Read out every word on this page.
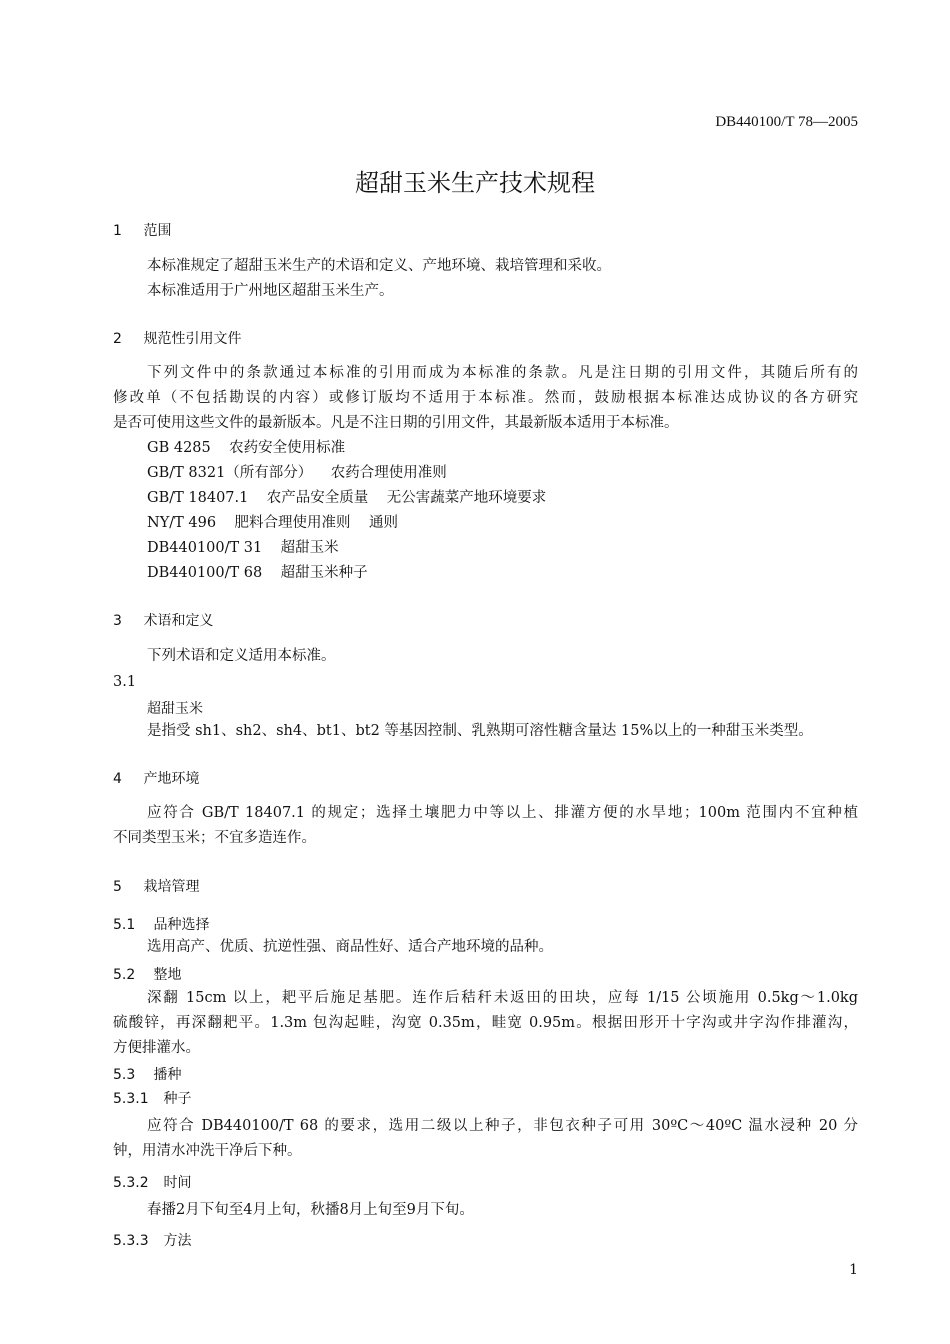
DB440100/T 78—2005
超甜玉米生产技术规程
1 范围
本标准规定了超甜玉米生产的术语和定义、产地环境、栽培管理和采收。
本标准适用于广州地区超甜玉米生产。
2 规范性引用文件
下列文件中的条款通过本标准的引用而成为本标准的条款。凡是注日期的引用文件，其随后所有的
修改单（不包括勘误的内容）或修订版均不适用于本标准。然而，鼓励根据本标准达成协议的各方研究
是否可使用这些文件的最新版本。凡是不注日期的引用文件，其最新版本适用于本标准。
GB 4285    农药安全使用标准
GB/T 8321（所有部分）    农药合理使用准则
GB/T 18407.1    农产品安全质量    无公害蔬菜产地环境要求
NY/T 496    肥料合理使用准则    通则
DB440100/T 31    超甜玉米
DB440100/T 68    超甜玉米种子
3 术语和定义
下列术语和定义适用本标准。
3.1
超甜玉米
是指受 sh1、sh2、sh4、bt1、bt2 等基因控制、乳熟期可溶性糖含量达 15%以上的一种甜玉米类型。
4 产地环境
应符合 GB/T 18407.1 的规定；选择土壤肥力中等以上、排灌方便的水旱地；100m 范围内不宜种植
不同类型玉米；不宜多造连作。
5 栽培管理
5.1 品种选择
选用高产、优质、抗逆性强、商品性好、适合产地环境的品种。
5.2 整地
深翻 15cm 以上，耙平后施足基肥。连作后秸秆未返田的田块，应每 1/15 公顷施用 0.5kg～1.0kg
硫酸锌，再深翻耙平。1.3m 包沟起畦，沟宽 0.35m，畦宽 0.95m。根据田形开十字沟或井字沟作排灌沟，
方便排灌水。
5.3 播种
5.3.1 种子
应符合 DB440100/T 68 的要求，选用二级以上种子，非包衣种子可用 30ºC～40ºC 温水浸种 20 分
钟，用清水冲洗干净后下种。
5.3.2 时间
春播2月下旬至4月上旬，秋播8月上旬至9月下旬。
5.3.3 方法
1
